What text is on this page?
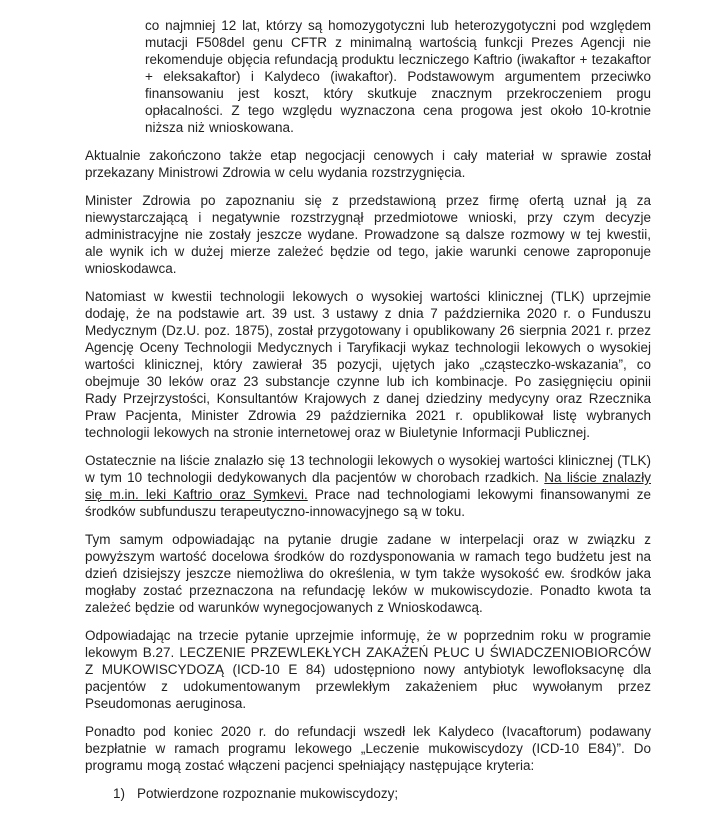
co najmniej 12 lat, którzy są homozygotyczni lub heterozygotyczni pod względem mutacji F508del genu CFTR z minimalną wartością funkcji Prezes Agencji nie rekomenduje objęcia refundacją produktu leczniczego Kaftrio (iwakaftor + tezakaftor + eleksakaftor) i Kalydeco (iwakaftor). Podstawowym argumentem przeciwko finansowaniu jest koszt, który skutkuje znacznym przekroczeniem progu opłacalności. Z tego względu wyznaczona cena progowa jest około 10-krotnie niższa niż wnioskowana.

Aktualnie zakończono także etap negocjacji cenowych i cały materiał w sprawie został przekazany Ministrowi Zdrowia w celu wydania rozstrzygnięcia.

Minister Zdrowia po zapoznaniu się z przedstawioną przez firmę ofertą uznał ją za niewystarczającą i negatywnie rozstrzygnął przedmiotowe wnioski, przy czym decyzje administracyjne nie zostały jeszcze wydane. Prowadzone są dalsze rozmowy w tej kwestii, ale wynik ich w dużej mierze zależeć będzie od tego, jakie warunki cenowe zaproponuje wnioskodawca.

Natomiast w kwestii technologii lekowych o wysokiej wartości klinicznej (TLK) uprzejmie dodaję, że na podstawie art. 39 ust. 3 ustawy z dnia 7 października 2020 r. o Funduszu Medycznym (Dz.U. poz. 1875), został przygotowany i opublikowany 26 sierpnia 2021 r. przez Agencję Oceny Technologii Medycznych i Taryfikacji wykaz technologii lekowych o wysokiej wartości klinicznej, który zawierał 35 pozycji, ujętych jako „cząsteczko-wskazania”, co obejmuje 30 leków oraz 23 substancje czynne lub ich kombinacje. Po zasięgnięciu opinii Rady Przejrzystości, Konsultantów Krajowych z danej dziedziny medycyny oraz Rzecznika Praw Pacjenta, Minister Zdrowia 29 października 2021 r. opublikował listę wybranych technologii lekowych na stronie internetowej oraz w Biuletynie Informacji Publicznej.

Ostatecznie na liście znalazło się 13 technologii lekowych o wysokiej wartości klinicznej (TLK) w tym 10 technologii dedykowanych dla pacjentów w chorobach rzadkich. Na liście znalazły się m.in. leki Kaftrio oraz Symkevi. Prace nad technologiami lekowymi finansowanymi ze środków subfunduszu terapeutyczno-innowacyjnego są w toku.

Tym samym odpowiadając na pytanie drugie zadane w interpelacji oraz w związku z powyższym wartość docelowa środków do rozdysponowania w ramach tego budżetu jest na dzień dzisiejszy jeszcze niemożliwa do określenia, w tym także wysokość ew. środków jaka mogłaby zostać przeznaczona na refundację leków w mukowiscydozie. Ponadto kwota ta zależeć będzie od warunków wynegocjowanych z Wnioskodawcą.

Odpowiadając na trzecie pytanie uprzejmie informuję, że w poprzednim roku w programie lekowym B.27. LECZENIE PRZEWLEKŁYCH ZAKAŻEŃ PŁUC U ŚWIADCZENIOBIORCÓW Z MUKOWISCYDOZĄ (ICD-10 E 84) udostępniono nowy antybiotyk lewofloksacynę dla pacjentów z udokumentowanym przewlekłym zakażeniem płuc wywołanym przez Pseudomonas aeruginosa.

Ponadto pod koniec 2020 r. do refundacji wszedł lek Kalydeco (Ivacaftorum) podawany bezpłatnie w ramach programu lekowego „Leczenie mukowiscydozy (ICD-10 E84)”. Do programu mogą zostać włączeni pacjenci spełniający następujące kryteria:

1) Potwierdzone rozpoznanie mukowiscydozy;
